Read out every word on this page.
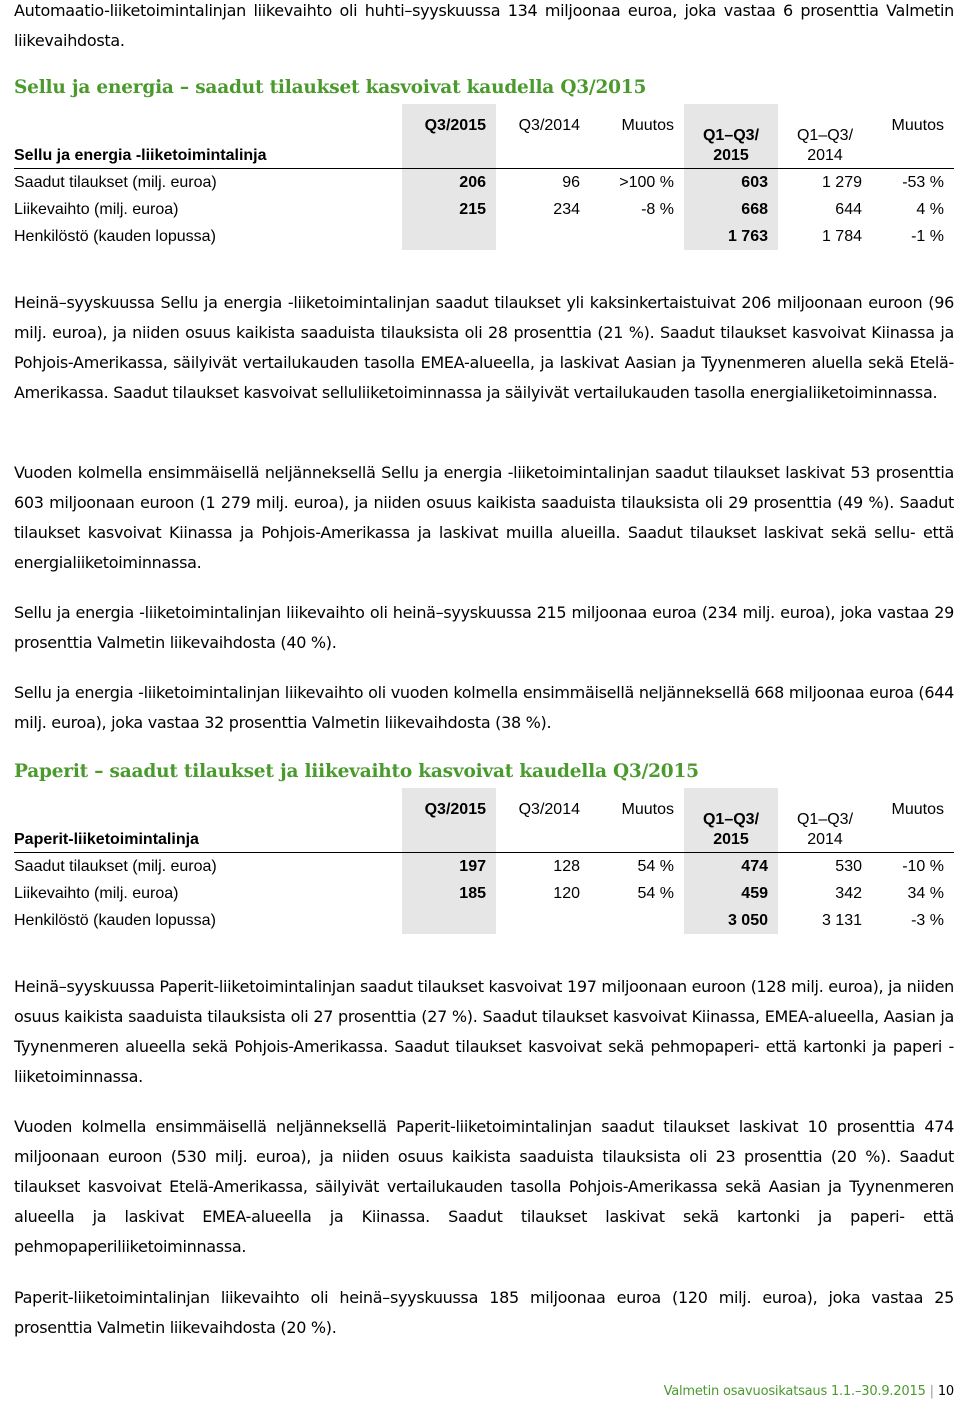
Automaatio-liiketoimintalinjan liikevaihto oli huhti–syyskuussa 134 miljoonaa euroa, joka vastaa 6 prosenttia Valmetin liikevaihdosta.

Sellu ja energia – saadut tilaukset kasvoivat kaudella Q3/2015
Sellu ja energia -liiketoimintalinja	Q3/2015	Q3/2014	Muutos	Q1–Q3/ 2015	Q1–Q3/ 2014	Muutos
Saadut tilaukset (milj. euroa)	206	96	>100 %	603	1 279	-53 %
Liikevaihto (milj. euroa)	215	234	-8 %	668	644	4 %
Henkilöstö (kauden lopussa)				1 763	1 784	-1 %

Heinä–syyskuussa Sellu ja energia -liiketoimintalinjan saadut tilaukset yli kaksinkertaistuivat 206 miljoonaan euroon (96 milj. euroa), ja niiden osuus kaikista saaduista tilauksista oli 28 prosenttia (21 %). Saadut tilaukset kasvoivat Kiinassa ja Pohjois-Amerikassa, säilyivät vertailukauden tasolla EMEA-alueella, ja laskivat Aasian ja Tyynenmeren aluella sekä Etelä-Amerikassa. Saadut tilaukset kasvoivat selluliiketoiminnassa ja säilyivät vertailukauden tasolla energialiiketoiminnassa.

Vuoden kolmella ensimmäisellä neljänneksellä Sellu ja energia -liiketoimintalinjan saadut tilaukset laskivat 53 prosenttia 603 miljoonaan euroon (1 279 milj. euroa), ja niiden osuus kaikista saaduista tilauksista oli 29 prosenttia (49 %). Saadut tilaukset kasvoivat Kiinassa ja Pohjois-Amerikassa ja laskivat muilla alueilla. Saadut tilaukset laskivat sekä sellu- että energialiiketoiminnassa.

Sellu ja energia -liiketoimintalinjan liikevaihto oli heinä–syyskuussa 215 miljoonaa euroa (234 milj. euroa), joka vastaa 29 prosenttia Valmetin liikevaihdosta (40 %).

Sellu ja energia -liiketoimintalinjan liikevaihto oli vuoden kolmella ensimmäisellä neljänneksellä 668 miljoonaa euroa (644 milj. euroa), joka vastaa 32 prosenttia Valmetin liikevaihdosta (38 %).

Paperit – saadut tilaukset ja liikevaihto kasvoivat kaudella Q3/2015
Paperit-liiketoimintalinja	Q3/2015	Q3/2014	Muutos	Q1–Q3/ 2015	Q1–Q3/ 2014	Muutos
Saadut tilaukset (milj. euroa)	197	128	54 %	474	530	-10 %
Liikevaihto (milj. euroa)	185	120	54 %	459	342	34 %
Henkilöstö (kauden lopussa)				3 050	3 131	-3 %

Heinä–syyskuussa Paperit-liiketoimintalinjan saadut tilaukset kasvoivat 197 miljoonaan euroon (128 milj. euroa), ja niiden osuus kaikista saaduista tilauksista oli 27 prosenttia (27 %). Saadut tilaukset kasvoivat Kiinassa, EMEA-alueella, Aasian ja Tyynenmeren alueella sekä Pohjois-Amerikassa. Saadut tilaukset kasvoivat sekä pehmopaperi- että kartonki ja paperi -liiketoiminnassa.

Vuoden kolmella ensimmäisellä neljänneksellä Paperit-liiketoimintalinjan saadut tilaukset laskivat 10 prosenttia 474 miljoonaan euroon (530 milj. euroa), ja niiden osuus kaikista saaduista tilauksista oli 23 prosenttia (20 %). Saadut tilaukset kasvoivat Etelä-Amerikassa, säilyivät vertailukauden tasolla Pohjois-Amerikassa sekä Aasian ja Tyynenmeren alueella ja laskivat EMEA-alueella ja Kiinassa. Saadut tilaukset laskivat sekä kartonki ja paperi- että pehmopaperiliiketoiminnassa.

Paperit-liiketoimintalinjan liikevaihto oli heinä–syyskuussa 185 miljoonaa euroa (120 milj. euroa), joka vastaa 25 prosenttia Valmetin liikevaihdosta (20 %).

Valmetin osavuosikatsaus 1.1.–30.9.2015 | 10
